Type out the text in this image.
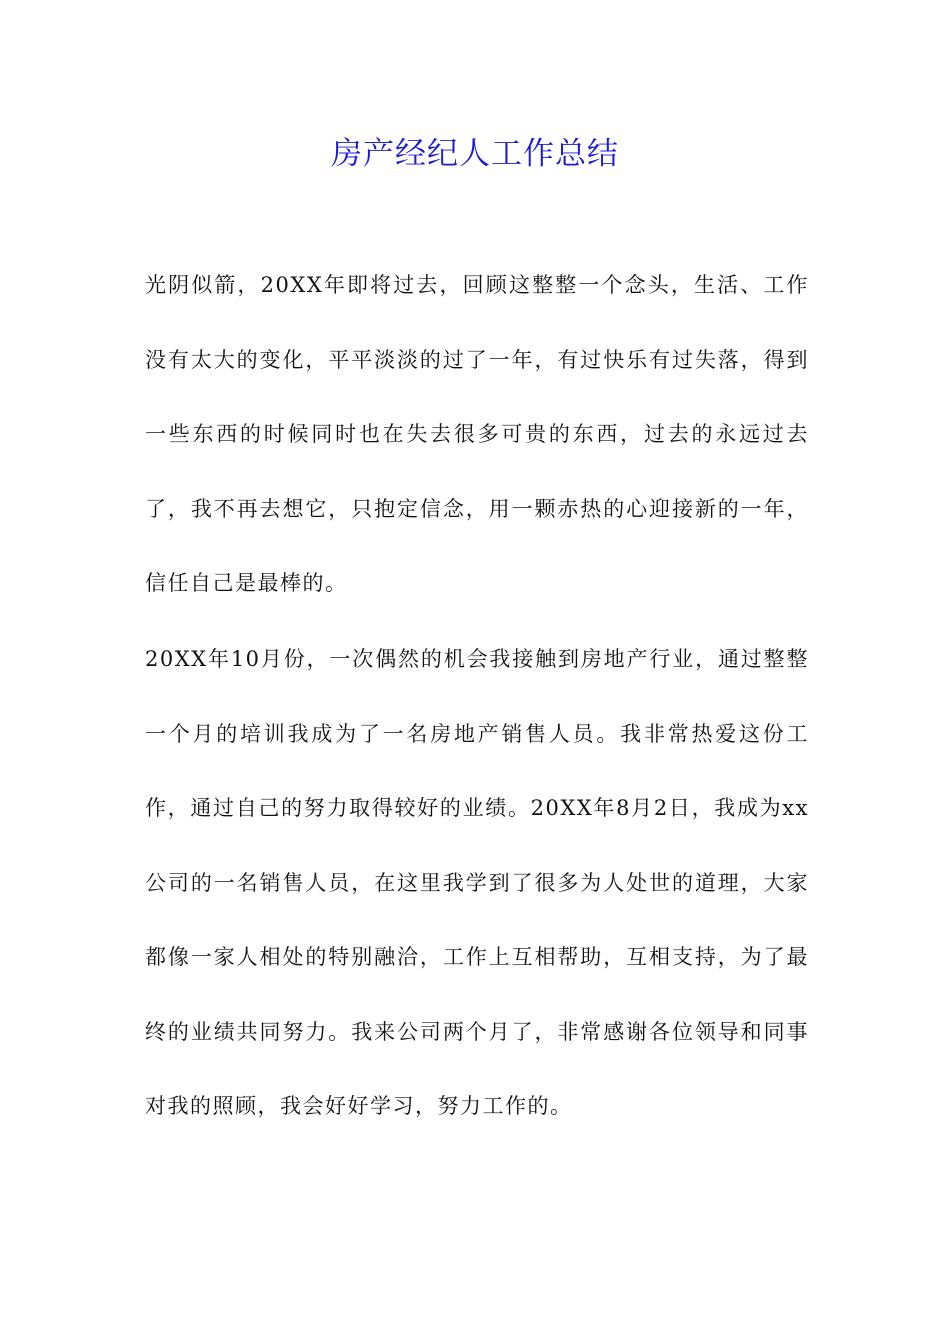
房产经纪人工作总结

光阴似箭，20XX年即将过去，回顾这整整一个念头，生活、工作没有太大的变化，平平淡淡的过了一年，有过快乐有过失落，得到一些东西的时候同时也在失去很多可贵的东西，过去的永远过去了，我不再去想它，只抱定信念，用一颗赤热的心迎接新的一年，信任自己是最棒的。

20XX年10月份，一次偶然的机会我接触到房地产行业，通过整整一个月的培训我成为了一名房地产销售人员。我非常热爱这份工作，通过自己的努力取得较好的业绩。20XX年8月2日，我成为xx公司的一名销售人员，在这里我学到了很多为人处世的道理，大家都像一家人相处的特别融洽，工作上互相帮助，互相支持，为了最终的业绩共同努力。我来公司两个月了，非常感谢各位领导和同事对我的照顾，我会好好学习，努力工作的。
